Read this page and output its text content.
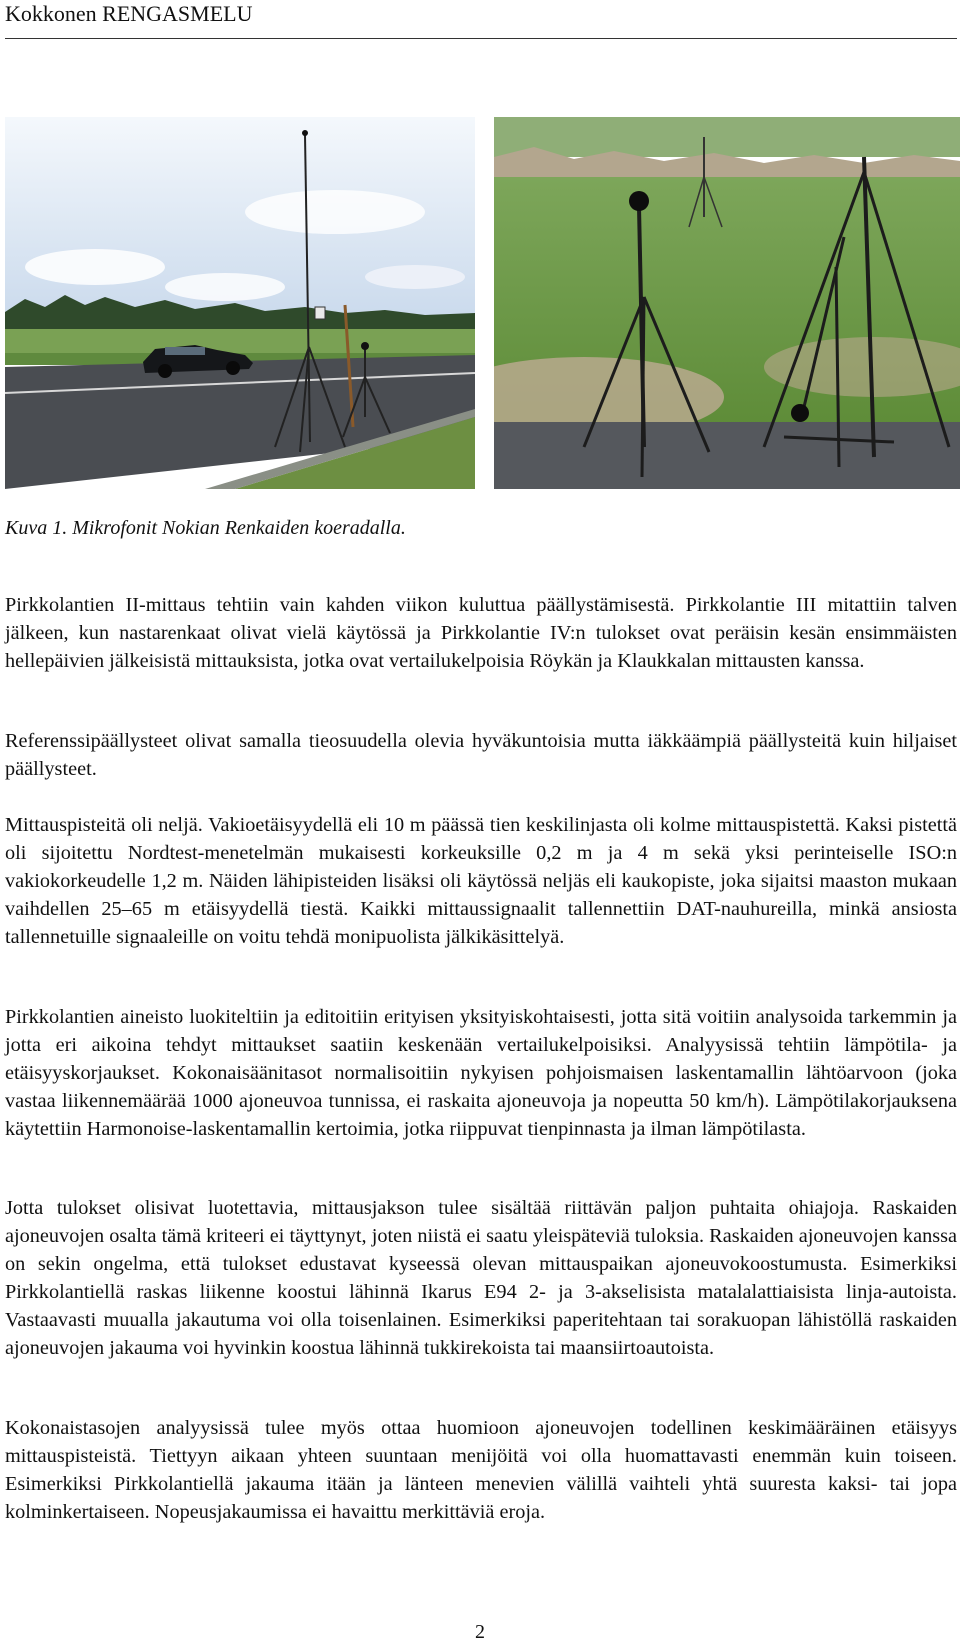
Kokkonen RENGASMELU
Kuva 1. Mikrofonit Nokian Renkaiden koeradalla.

Pirkkolantien II-mittaus tehtiin vain kahden viikon kuluttua päällystämisestä. Pirkkolantie III mitattiin talven jälkeen, kun nastarenkaat olivat vielä käytössä ja Pirkkolantie IV:n tulokset ovat peräisin kesän ensimmäisten hellepäivien jälkeisistä mittauksista, jotka ovat vertailukelpoisia Röykän ja Klaukkalan mittausten kanssa.

Referenssipäällysteet olivat samalla tieosuudella olevia hyväkuntoisia mutta iäkkäämpiä päällysteitä kuin hiljaiset päällysteet.

Mittauspisteitä oli neljä. Vakioetäisyydellä eli 10 m päässä tien keskilinjasta oli kolme mittauspistettä. Kaksi pistettä oli sijoitettu Nordtest-menetelmän mukaisesti korkeuksille 0,2 m ja 4 m sekä yksi perinteiselle ISO:n vakiokorkeudelle 1,2 m. Näiden lähipisteiden lisäksi oli käytössä neljäs eli kaukopiste, joka sijaitsi maaston mukaan vaihdellen 25–65 m etäisyydellä tiestä. Kaikki mittaussignaalit tallennettiin DAT-nauhureilla, minkä ansiosta tallennetuille signaaleille on voitu tehdä monipuolista jälkikäsittelyä.

Pirkkolantien aineisto luokiteltiin ja editoitiin erityisen yksityiskohtaisesti, jotta sitä voitiin analysoida tarkemmin ja jotta eri aikoina tehdyt mittaukset saatiin keskenään vertailukelpoisiksi. Analyysissä tehtiin lämpötila- ja etäisyyskorjaukset. Kokonaisäänitasot normalisoitiin nykyisen pohjoismaisen laskentamallin lähtöarvoon (joka vastaa liikennemäärää 1000 ajoneuvoa tunnissa, ei raskaita ajoneuvoja ja nopeutta 50 km/h). Lämpötilakorjauksena käytettiin Harmonoise-laskentamallin kertoimia, jotka riippuvat tienpinnasta ja ilman lämpötilasta.

Jotta tulokset olisivat luotettavia, mittausjakson tulee sisältää riittävän paljon puhtaita ohiajoja. Raskaiden ajoneuvojen osalta tämä kriteeri ei täyttynyt, joten niistä ei saatu yleispäteviä tuloksia. Raskaiden ajoneuvojen kanssa on sekin ongelma, että tulokset edustavat kyseessä olevan mittauspaikan ajoneuvokoostumusta. Esimerkiksi Pirkkolantiellä raskas liikenne koostui lähinnä Ikarus E94 2- ja 3-akselisista matalalattiaisista linja-autoista. Vastaavasti muualla jakautuma voi olla toisenlainen. Esimerkiksi paperitehtaan tai sorakuopan lähistöllä raskaiden ajoneuvojen jakauma voi hyvinkin koostua lähinnä tukkirekoista tai maansiirtoautoista.

Kokonaistasojen analyysissä tulee myös ottaa huomioon ajoneuvojen todellinen keskimääräinen etäisyys mittauspisteistä. Tiettyyn aikaan yhteen suuntaan menijöitä voi olla huomattavasti enemmän kuin toiseen. Esimerkiksi Pirkkolantiellä jakauma itään ja länteen menevien välillä vaihteli yhtä suuresta kaksi- tai jopa kolminkertaiseen. Nopeusjakaumissa ei havaittu merkittäviä eroja.

2
